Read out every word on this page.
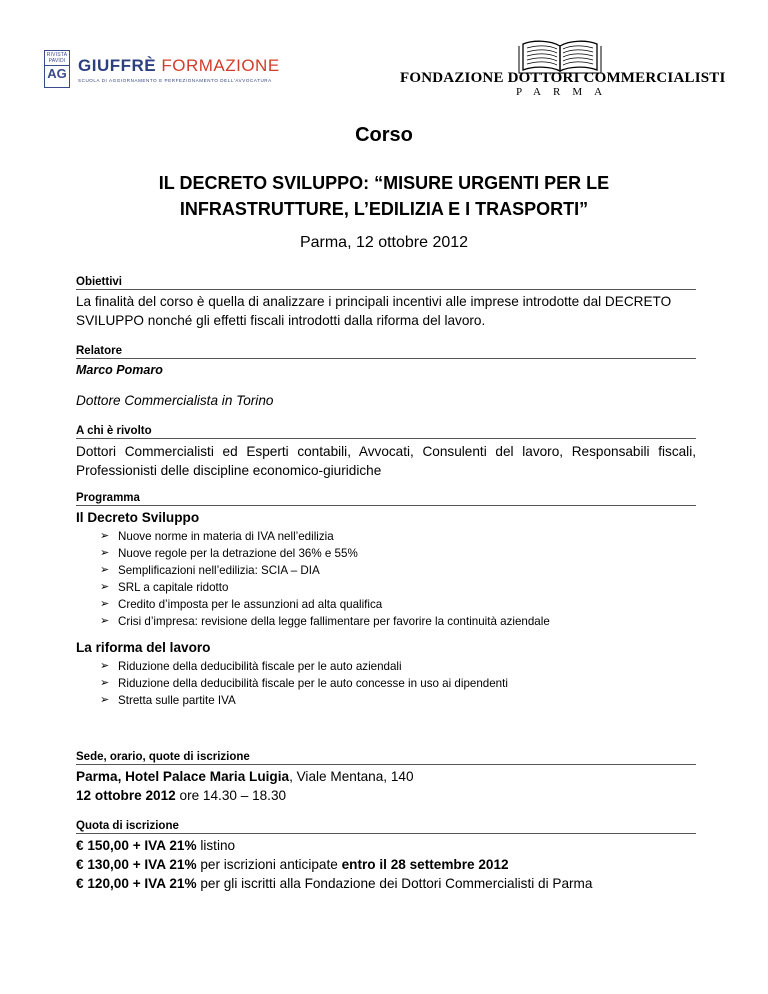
RIVISTA PAVIDI
AG GIUFFRÈ FORMAZIONE
SCUOLA DI AGGIORNAMENTO E PERFEZIONAMENTO DELL'AVVOCATURA	FONDAZIONE DOTTORI COMMERCIALISTI
PARMA
Corso
IL DECRETO SVILUPPO: “MISURE URGENTI PER LE INFRASTRUTTURE, L’EDILIZIA E I TRASPORTI”
Parma, 12 ottobre 2012
Obiettivi
La finalità del corso è quella di analizzare i principali incentivi alle imprese introdotte dal DECRETO SVILUPPO nonché gli effetti fiscali introdotti dalla riforma del lavoro.
Relatore
Marco Pomaro
Dottore Commercialista in Torino
A chi è rivolto
Dottori Commercialisti ed Esperti contabili, Avvocati, Consulenti del lavoro, Responsabili fiscali, Professionisti delle discipline economico-giuridiche
Programma
Il Decreto Sviluppo
➢ Nuove norme in materia di IVA nell’edilizia
➢ Nuove regole per la detrazione del 36% e 55%
➢ Semplificazioni nell’edilizia: SCIA – DIA
➢ SRL a capitale ridotto
➢ Credito d’imposta per le assunzioni ad alta qualifica
➢ Crisi d’impresa: revisione della legge fallimentare per favorire la continuità aziendale
La riforma del lavoro
➢ Riduzione della deducibilità fiscale per le auto aziendali
➢ Riduzione della deducibilità fiscale per le auto concesse in uso ai dipendenti
➢ Stretta sulle partite IVA
Sede, orario, quote di iscrizione
Parma, Hotel Palace Maria Luigia, Viale Mentana, 140
12 ottobre 2012 ore 14.30 – 18.30
Quota di iscrizione
€ 150,00 + IVA 21% listino
€ 130,00 + IVA 21% per iscrizioni anticipate entro il 28 settembre 2012
€ 120,00 + IVA 21% per gli iscritti alla Fondazione dei Dottori Commercialisti di Parma
